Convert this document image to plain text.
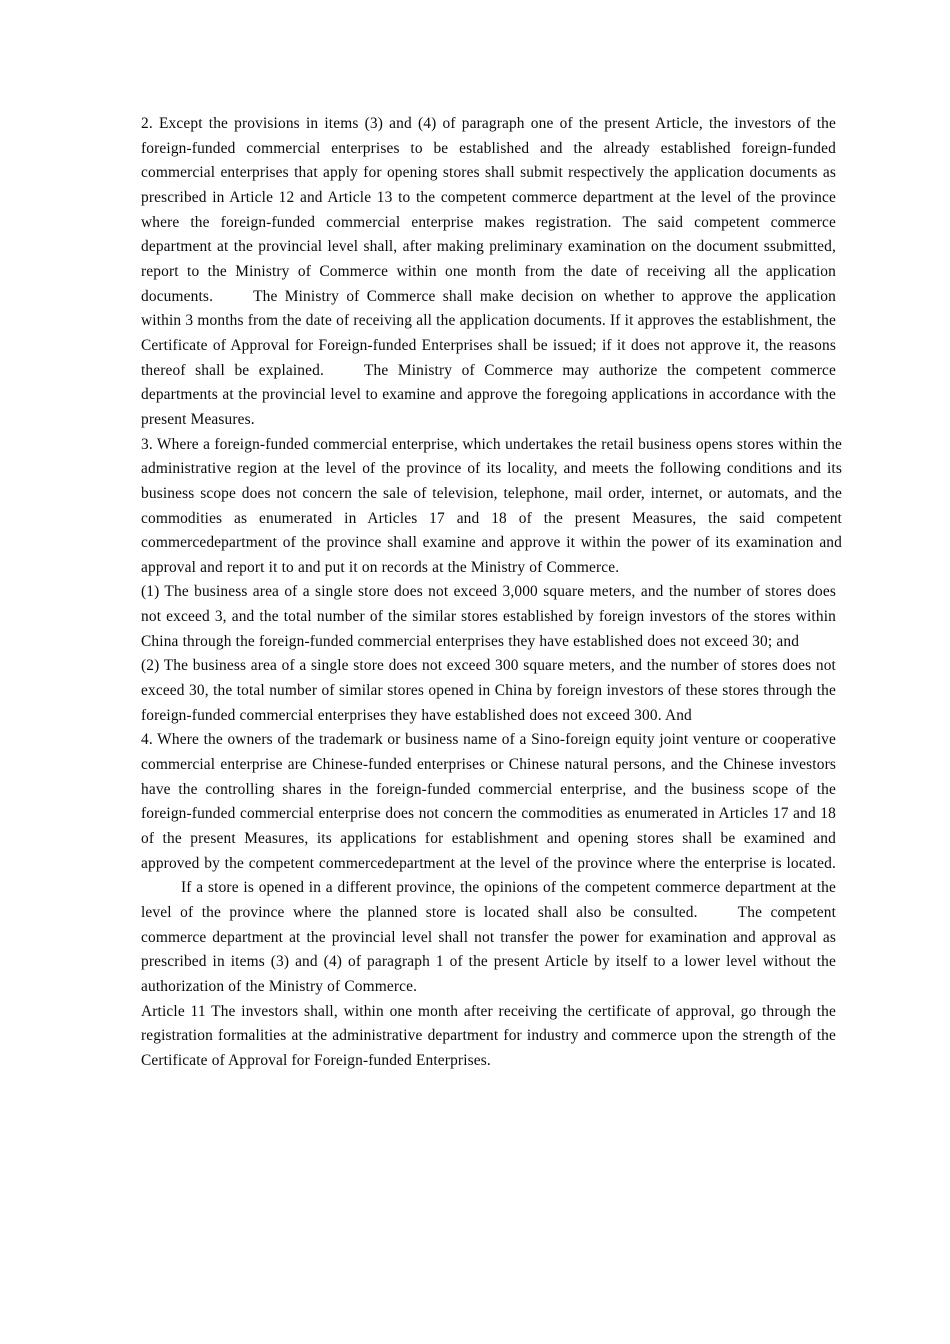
2. Except the provisions in items (3) and (4) of paragraph one of the present Article, the investors of the foreign-funded commercial enterprises to be established and the already established foreign-funded commercial enterprises that apply for opening stores shall submit respectively the application documents as prescribed in Article 12 and Article 13 to the competent commerce department at the level of the province where the foreign-funded commercial enterprise makes registration. The said competent commerce department at the provincial level shall, after making preliminary examination on the document ssubmitted, report to the Ministry of Commerce within one month from the date of receiving all the application documents.	The Ministry of Commerce shall make decision on whether to approve the application within 3 months from the date of receiving all the application documents. If it approves the establishment, the Certificate of Approval for Foreign-funded Enterprises shall be issued; if it does not approve it, the reasons thereof shall be explained.	The Ministry of Commerce may authorize the competent commerce departments at the provincial level to examine and approve the foregoing applications in accordance with the present Measures.

3. Where a foreign-funded commercial enterprise, which undertakes the retail business opens stores within the administrative region at the level of the province of its locality, and meets the following conditions and its business scope does not concern the sale of television, telephone, mail order, internet, or automats, and the commodities as enumerated in Articles 17 and 18 of the present Measures, the said competent commercedepartment of the province shall examine and approve it within the power of its examination and approval and report it to and put it on records at the Ministry of Commerce.

(1) The business area of a single store does not exceed 3,000 square meters, and the number of stores does not exceed 3, and the total number of the similar stores established by foreign investors of the stores within China through the foreign-funded commercial enterprises they have established does not exceed 30; and

(2) The business area of a single store does not exceed 300 square meters, and the number of stores does not exceed 30, the total number of similar stores opened in China by foreign investors of these stores through the foreign-funded commercial enterprises they have established does not exceed 300. And

4. Where the owners of the trademark or business name of a Sino-foreign equity joint venture or cooperative commercial enterprise are Chinese-funded enterprises or Chinese natural persons, and the Chinese investors have the controlling shares in the foreign-funded commercial enterprise, and the business scope of the foreign-funded commercial enterprise does not concern the commodities as enumerated in Articles 17 and 18 of the present Measures, its applications for establishment and opening stores shall be examined and approved by the competent commercedepartment at the level of the province where the enterprise is located.If a store is opened in a different province, the opinions of the competent commerce department at the level of the province where the planned store is located shall also be consulted.	The competent commerce department at the provincial level shall not transfer the power for examination and approval as prescribed in items (3) and (4) of paragraph 1 of the present Article by itself to a lower level without the authorization of the Ministry of Commerce.

Article 11 The investors shall, within one month after receiving the certificate of approval, go through the registration formalities at the administrative department for industry and commerce upon the strength of the Certificate of Approval for Foreign-funded Enterprises.
